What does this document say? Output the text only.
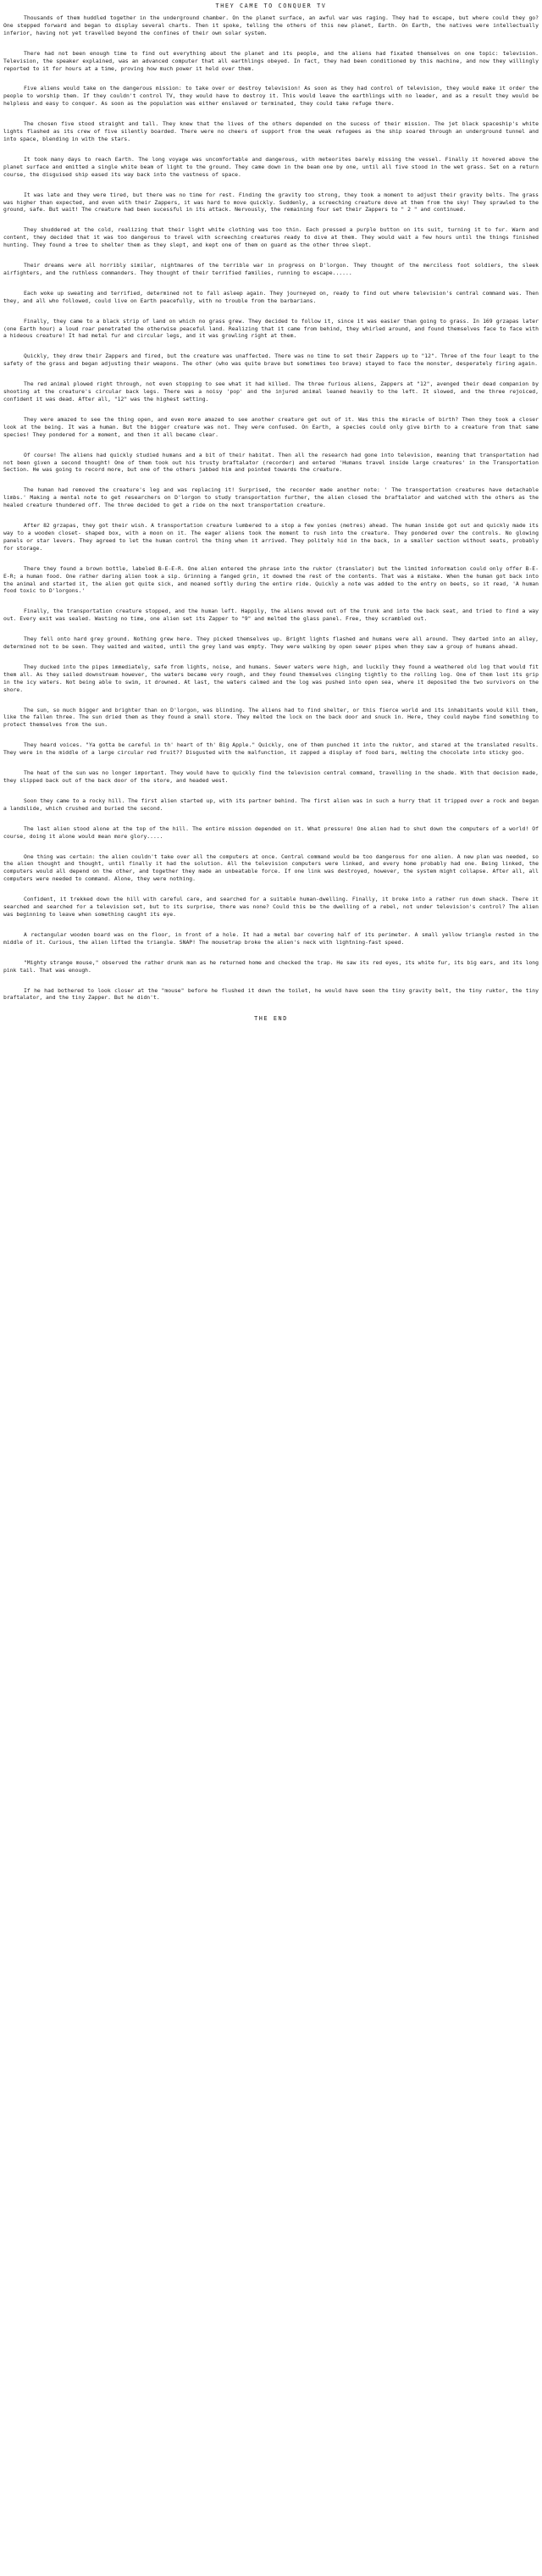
THEY CAME TO CONQUER TV

Thousands of them huddled together in the underground chamber. On the planet surface, an awful war was raging. They had to escape, but where could they go? One stepped forward and began to display several charts. Then it spoke, telling the others of this new planet, Earth. On Earth, the natives were intellectually inferior, having not yet travelled beyond the confines of their own solar system.

There had not been enough time to find out everything about the planet and its people, and the aliens had fixated themselves on one topic: television. Television, the speaker explained, was an advanced computer that all earthlings obeyed. In fact, they had been conditioned by this machine, and now they willingly reported to it for hours at a time, proving how much power it held over them.

Five aliens would take on the dangerous mission: to take over or destroy television! As soon as they had control of television, they would make it order the people to worship them. If they couldn't control TV, they would have to destroy it. This would leave the earthlings with no leader, and as a result they would be helpless and easy to conquer. As soon as the population was either enslaved or terminated, they could take refuge there.

The chosen five stood straight and tall. They knew that the lives of the others depended on the sucess of their mission. The jet black spaceship's white lights flashed as its crew of five silently boarded. There were no cheers of support from the weak refugees as the ship soared through an underground tunnel and into space, blending in with the stars.

It took many days to reach Earth. The long voyage was uncomfortable and dangerous, with meteorites barely missing the vessel. Finally it hovered above the planet surface and emitted a single white beam of light to the ground. They came down in the beam one by one, until all five stood in the wet grass. Set on a return course, the disguised ship eased its way back into the vastness of space.

It was late and they were tired, but there was no time for rest. Finding the gravity too strong, they took a moment to adjust their gravity belts. The grass was higher than expected, and even with their Zappers, it was hard to move quickly. Suddenly, a screeching creature dove at them from the sky! They sprawled to the ground, safe. But wait! The creature had been sucessful in its attack. Nervously, the remaining four set their Zappers to " 2 " and continued.

They shuddered at the cold, realizing that their light white clothing was too thin. Each pressed a purple button on its suit, turning it to fur. Warm and content, they decided that it was too dangerous to travel with screeching creatures ready to dive at them. They would wait a few hours until the things finished hunting. They found a tree to shelter them as they slept, and kept one of them on guard as the other three slept.

Their dreams were all horribly similar, nightmares of the terrible war in progress on D'lorgon. They thought of the merciless foot soldiers, the sleek airfighters, and the ruthless commanders. They thought of their terrified families, running to escape......

Each woke up sweating and terrified, determined not to fall asleep again. They journeyed on, ready to find out where television's central command was. Then they, and all who followed, could live on Earth peacefully, with no trouble from the barbarians.

Finally, they came to a black strip of land on which no grass grew. They decided to follow it, since it was easier than going to grass. In 169 grzapas later (one Earth hour) a loud roar penetrated the otherwise peaceful land. Realizing that it came from behind, they whirled around, and found themselves face to face with a hideous creature! It had metal fur and circular legs, and it was growling right at them.

Quickly, they drew their Zappers and fired, but the creature was unaffected. There was no time to set their Zappers up to "12". Three of the four leapt to the safety of the grass and began adjusting their weapons. The other (who was quite brave but sometimes too brave) stayed to face the monster, desperately firing again.

The red animal plowed right through, not even stopping to see what it had killed. The three furious aliens, Zappers at "12", avenged their dead companion by shooting at the creature's circular back legs. There was a noisy 'pop' and the injured animal leaned heavily to the left. It slowed, and the three rejoiced, confident it was dead. After all, "12" was the highest setting.

They were amazed to see the thing open, and even more amazed to see another creature get out of it. Was this the miracle of birth? Then they took a closer look at the being. It was a human. But the bigger creature was not. They were confused. On Earth, a species could only give birth to a creature from that same species! They pondered for a moment, and then it all became clear.

Of course! The aliens had quickly studied humans and a bit of their habitat. Then all the research had gone into television, meaning that transportation had not been given a second thought! One of them took out his trusty braftalator (recorder) and entered 'Humans travel inside large creatures' in the Transportation Section. He was going to record more, but one of the others jabbed him and pointed towards the creature.

The human had removed the creature's leg and was replacing it! Surprised, the recorder made another note: ' The transportation creatures have detachable limbs.' Making a mental note to get researchers on D'lorgon to study transportation further, the alien closed the braftalator and watched with the others as the healed creature thundered off. The three decided to get a ride on the next transportation creature.

After 82 grzapas, they got their wish. A transportation creature lumbered to a stop a few yonies (metres) ahead. The human inside got out and quickly made its way to a wooden closet- shaped box, with a moon on it. The eager aliens took the moment to rush into the creature. They pondered over the controls. No glowing panels or star levers. They agreed to let the human control the thing when it arrived. They politely hid in the back, in a smaller section without seats, probably for storage.

There they found a brown bottle, labeled B-E-E-R. One alien entered the phrase into the ruktor (translator) but the limited information could only offer B-E-E-R; a human food. One rather daring alien took a sip. Grinning a fanged grin, it downed the rest of the contents. That was a mistake. When the human got back into the animal and started it, the alien got quite sick, and moaned softly during the entire ride. Quickly a note was added to the entry on beets, so it read, 'A human food toxic to D'lorgons.'

Finally, the transportation creature stopped, and the human left. Happily, the aliens moved out of the trunk and into the back seat, and tried to find a way out. Every exit was sealed. Wasting no time, one alien set its Zapper to "9" and melted the glass panel. Free, they scrambled out.

They fell onto hard grey ground. Nothing grew here. They picked themselves up. Bright lights flashed and humans were all around. They darted into an alley, determined not to be seen. They waited and waited, until the grey land was empty. They were walking by open sewer pipes when they saw a group of humans ahead.

They ducked into the pipes immediately, safe from lights, noise, and humans. Sewer waters were high, and luckily they found a weathered old log that would fit them all. As they sailed downstream however, the waters became very rough, and they found themselves clinging tightly to the rolling log. One of them lost its grip in the icy waters. Not being able to swim, it drowned. At last, the waters calmed and the log was pushed into open sea, where it deposited the two survivors on the shore.

The sun, so much bigger and brighter than on D'lorgon, was blinding. The aliens had to find shelter, or this fierce world and its inhabitants would kill them, like the fallen three. The sun dried them as they found a small store. They melted the lock on the back door and snuck in. Here, they could maybe find something to protect themselves from the sun.

They heard voices. "Ya gotta be careful in th' heart of th' Big Apple." Quickly, one of them punched it into the ruktor, and stared at the translated results. They were in the middle of a large circular red fruit?? Disgusted with the malfunction, it zapped a display of food bars, melting the chocolate into sticky goo.

The heat of the sun was no longer important. They would have to quickly find the television central command, travelling in the shade. With that decision made, they slipped back out of the back door of the store, and headed west.

Soon they came to a rocky hill. The first alien started up, with its partner behind. The first alien was in such a hurry that it tripped over a rock and began a landslide, which crushed and buried the second.

The last alien stood alone at the top of the hill. The entire mission depended on it. What pressure! One alien had to shut down the computers of a world! Of course, doing it alone would mean more glory.....

One thing was certain: the alien couldn't take over all the computers at once. Central command would be too dangerous for one alien. A new plan was needed, so the alien thought and thought, until finally it had the solution. All the television computers were linked, and every home probably had one. Being linked, the computers would all depend on the other, and together they made an unbeatable force. If one link was destroyed, however, the system might collapse. After all, all computers were needed to command. Alone, they were nothing.

Confident, it trekked down the hill with careful care, and searched for a suitable human-dwelling. Finally, it broke into a rather run down shack. There it searched and searched for a television set, but to its surprise, there was none? Could this be the dwelling of a rebel, not under television's control? The alien was beginning to leave when something caught its eye.

A rectangular wooden board was on the floor, in front of a hole. It had a metal bar covering half of its perimeter. A small yellow triangle rested in the middle of it. Curious, the alien lifted the triangle. SNAP! The mousetrap broke the alien's neck with lightning-fast speed.

"Mighty strange mouse," observed the rather drunk man as he returned home and checked the trap. He saw its red eyes, its white fur, its big ears, and its long pink tail. That was enough.

If he had bothered to look closer at the "mouse" before he flushed it down the toilet, he would have seen the tiny gravity belt, the tiny ruktor, the tiny braftalator, and the tiny Zapper. But he didn't.

THE END
